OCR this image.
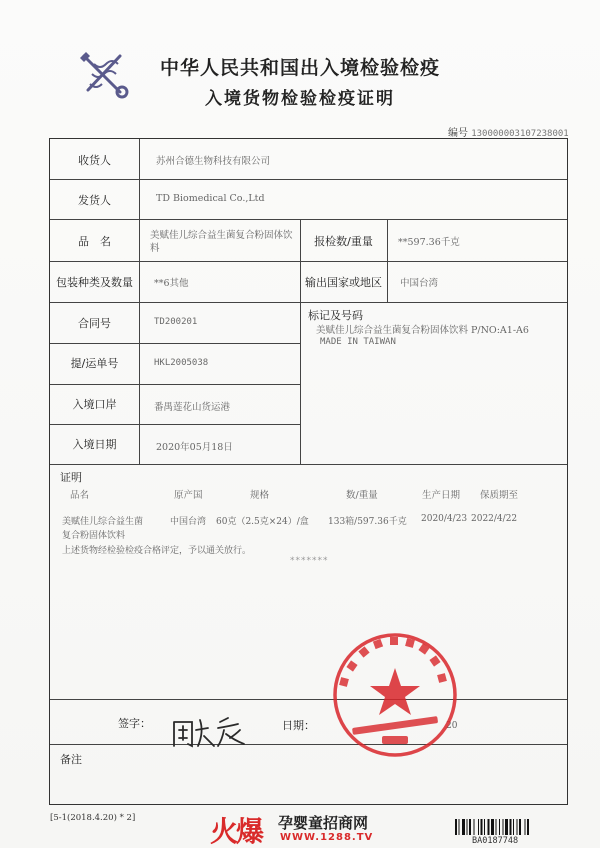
中华人民共和国出入境检验检疫
入境货物检验检疫证明
编号 130000003107238001
收货人	苏州合德生物科技有限公司
发货人	TD Biomedical Co.,Ltd
品　名	美赋佳儿综合益生菌复合粉固体饮料
报检数/重量	**597.36千克
包装种类及数量	**6其他	输出国家或地区	中国台湾
合同号	TD200201	标记及号码
美赋佳儿综合益生菌复合粉固体饮料 P/NO:A1-A6
MADE IN TAIWAN
提/运单号	HKL2005038
入境口岸	番禺莲花山货运港
入境日期	2020年05月18日
证明
品名	原产国	规格	数/重量	生产日期 保质期至
美赋佳儿综合益生菌
复合粉固体饮料
中国台湾 60克（2.5克×24）/盒 133箱/597.36千克 2020/4/23 2022/4/22
上述货物经检验检疫合格评定，予以通关放行。
签字：	日期：	20
备注
*******
[5-1(2018.4.20) * 2]	火爆 孕婴童招商网
WWW.1288.TV	BA0187748
